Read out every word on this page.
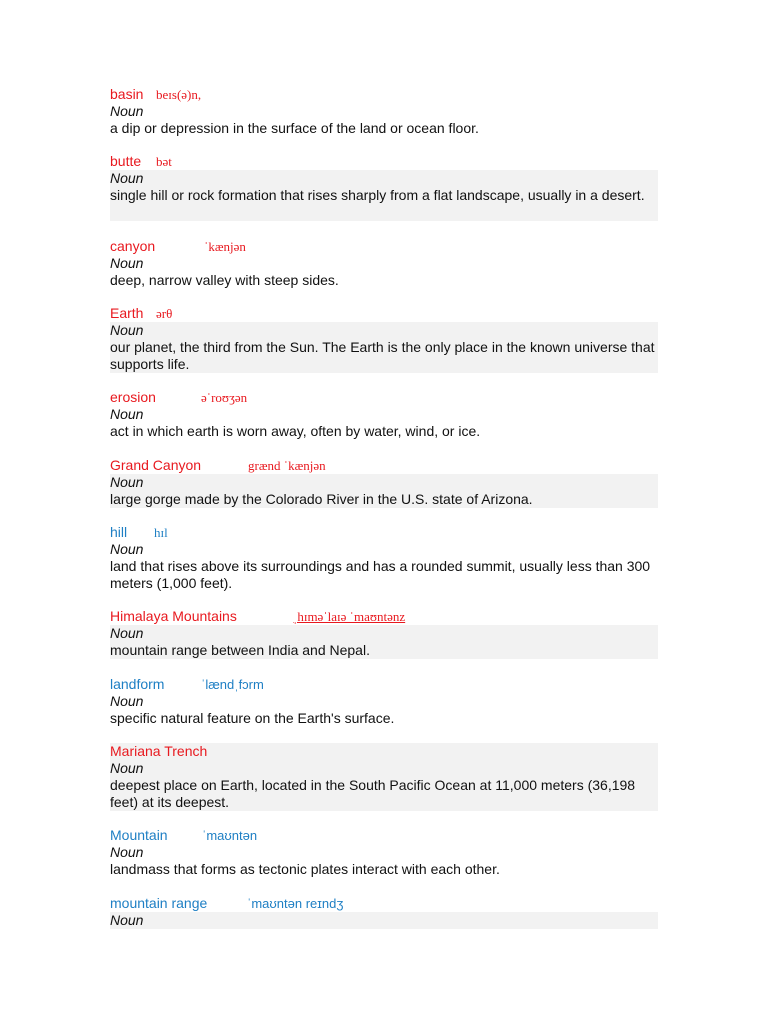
basin beɪs(ə)n,
Noun
a dip or depression in the surface of the land or ocean floor.
butte bət
Noun
single hill or rock formation that rises sharply from a flat landscape, usually in a desert.
canyon	ˈkænjən
Noun
deep, narrow valley with steep sides.
Earth ərθ
Noun
our planet, the third from the Sun. The Earth is the only place in the known universe that supports life.
erosion	əˈroʊʒən
Noun
act in which earth is worn away, often by water, wind, or ice.
Grand Canyon	grænd ˈkænjən
Noun
large gorge made by the Colorado River in the U.S. state of Arizona.
hill hɪl
Noun
land that rises above its surroundings and has a rounded summit, usually less than 300 meters (1,000 feet).
Himalaya Mountains	ˌhɪməˈlaɪə ˈmaʊntənz
Noun
mountain range between India and Nepal.
landform	ˈlændˌfɔrm
Noun
specific natural feature on the Earth's surface.
Mariana Trench
Noun
deepest place on Earth, located in the South Pacific Ocean at 11,000 meters (36,198 feet) at its deepest.
Mountain	ˈmaʊntən
Noun
landmass that forms as tectonic plates interact with each other.
mountain range	ˈmaʊntən reɪndʒ
Noun
